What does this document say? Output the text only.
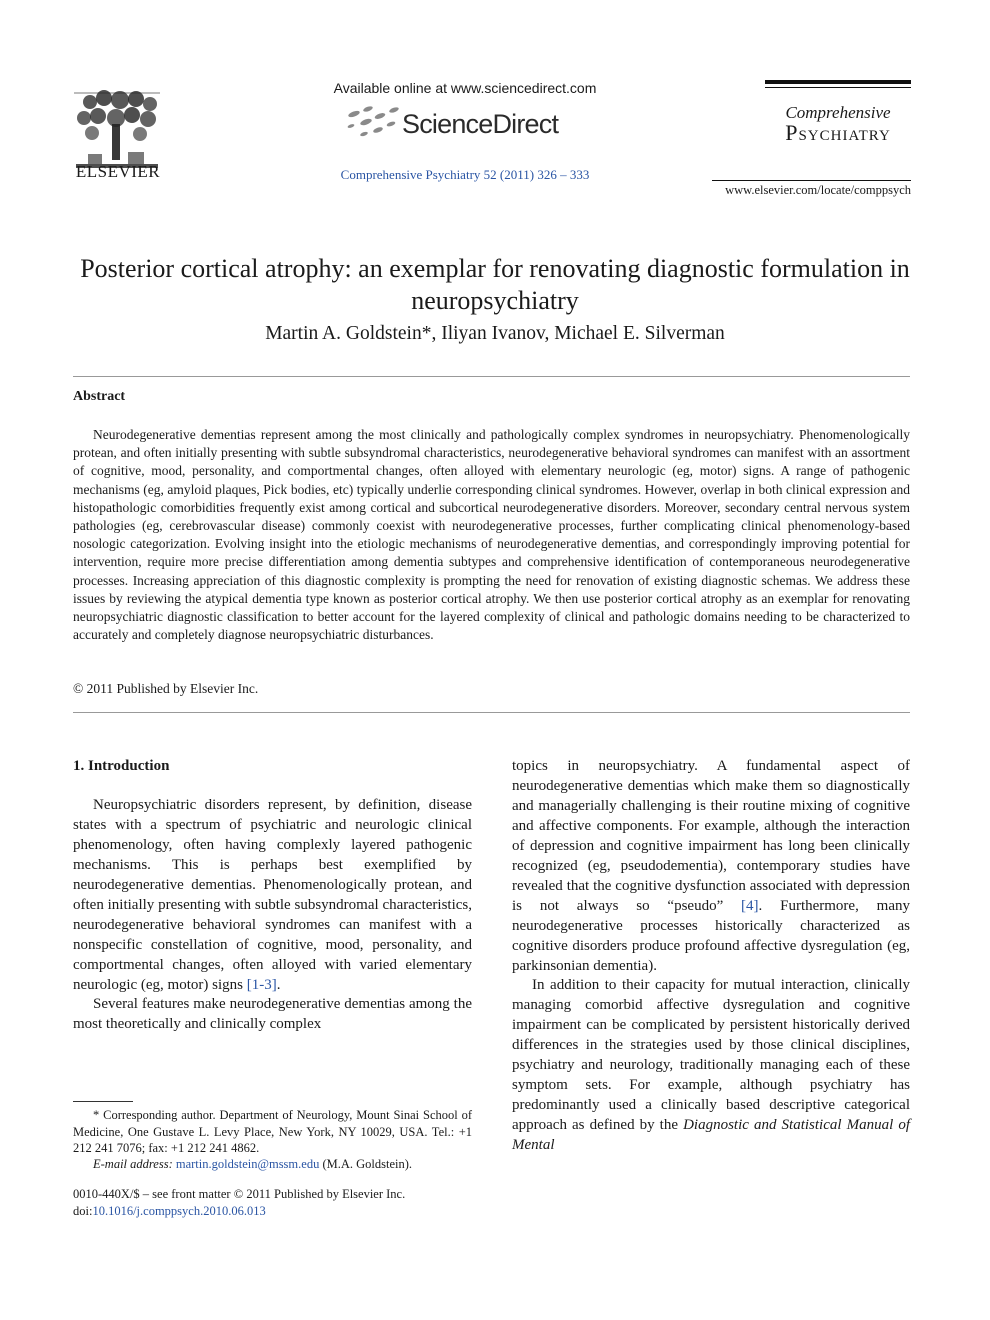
ELSEVIER
Available online at www.sciencedirect.com
ScienceDirect
Comprehensive Psychiatry 52 (2011) 326 – 333
Comprehensive
Psychiatry
www.elsevier.com/locate/comppsych
Posterior cortical atrophy: an exemplar for renovating diagnostic formulation in neuropsychiatry
Martin A. Goldstein*, Iliyan Ivanov, Michael E. Silverman
Abstract
Neurodegenerative dementias represent among the most clinically and pathologically complex syndromes in neuropsychiatry. Phenomenologically protean, and often initially presenting with subtle subsyndromal characteristics, neurodegenerative behavioral syndromes can manifest with an assortment of cognitive, mood, personality, and comportmental changes, often alloyed with elementary neurologic (eg, motor) signs. A range of pathogenic mechanisms (eg, amyloid plaques, Pick bodies, etc) typically underlie corresponding clinical syndromes. However, overlap in both clinical expression and histopathologic comorbidities frequently exist among cortical and subcortical neurodegenerative disorders. Moreover, secondary central nervous system pathologies (eg, cerebrovascular disease) commonly coexist with neurodegenerative processes, further complicating clinical phenomenology-based nosologic categorization. Evolving insight into the etiologic mechanisms of neurodegenerative dementias, and correspondingly improving potential for intervention, require more precise differentiation among dementia subtypes and comprehensive identification of contemporaneous neurodegenerative processes. Increasing appreciation of this diagnostic complexity is prompting the need for renovation of existing diagnostic schemas. We address these issues by reviewing the atypical dementia type known as posterior cortical atrophy. We then use posterior cortical atrophy as an exemplar for renovating neuropsychiatric diagnostic classification to better account for the layered complexity of clinical and pathologic domains needing to be characterized to accurately and completely diagnose neuropsychiatric disturbances.
© 2011 Published by Elsevier Inc.

1. Introduction

Neuropsychiatric disorders represent, by definition, disease states with a spectrum of psychiatric and neurologic clinical phenomenology, often having complexly layered pathogenic mechanisms. This is perhaps best exemplified by neurodegenerative dementias. Phenomenologically protean, and often initially presenting with subtle subsyndromal characteristics, neurodegenerative behavioral syndromes can manifest with a nonspecific constellation of cognitive, mood, personality, and comportmental changes, often alloyed with varied elementary neurologic (eg, motor) signs [1-3].

Several features make neurodegenerative dementias among the most theoretically and clinically complex

topics in neuropsychiatry. A fundamental aspect of neurodegenerative dementias which make them so diagnostically and managerially challenging is their routine mixing of cognitive and affective components. For example, although the interaction of depression and cognitive impairment has long been clinically recognized (eg, pseudodementia), contemporary studies have revealed that the cognitive dysfunction associated with depression is not always so “pseudo” [4]. Furthermore, many neurodegenerative processes historically characterized as cognitive disorders produce profound affective dysregulation (eg, parkinsonian dementia).

In addition to their capacity for mutual interaction, clinically managing comorbid affective dysregulation and cognitive impairment can be complicated by persistent historically derived differences in the strategies used by those clinical disciplines, psychiatry and neurology, traditionally managing each of these symptom sets. For example, although psychiatry has predominantly used a clinically based descriptive categorical approach as defined by the Diagnostic and Statistical Manual of Mental

* Corresponding author. Department of Neurology, Mount Sinai School of Medicine, One Gustave L. Levy Place, New York, NY 10029, USA. Tel.: +1 212 241 7076; fax: +1 212 241 4862.
E-mail address: martin.goldstein@mssm.edu (M.A. Goldstein).
0010-440X/$ – see front matter © 2011 Published by Elsevier Inc.
doi:10.1016/j.comppsych.2010.06.013
